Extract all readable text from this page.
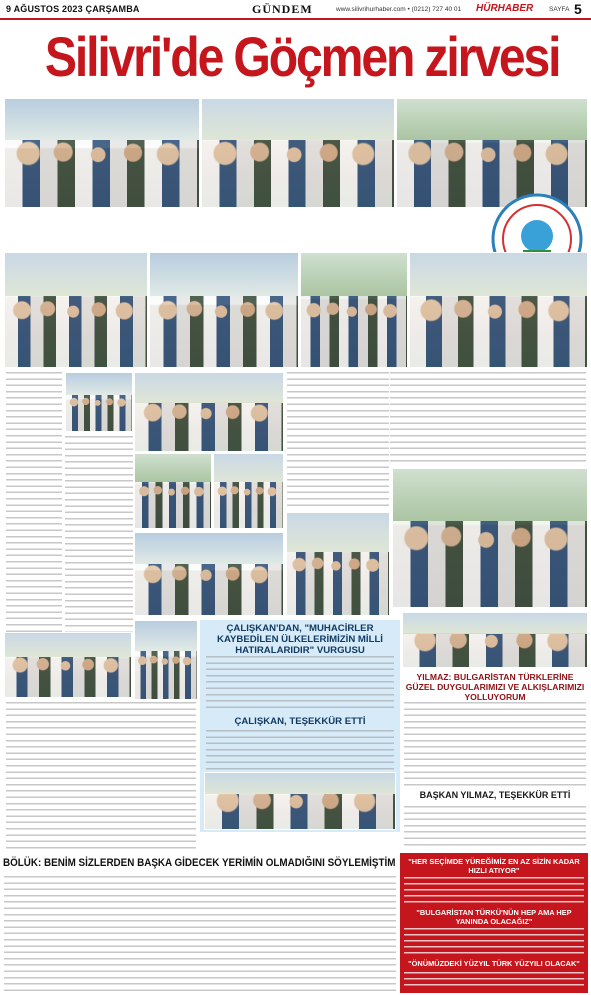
9 AĞUSTOS 2023 ÇARŞAMBA	GÜNDEM	www.silivrihurhaber.com • (0212) 727 40 01 HÜRHABER SAYFA 5
Silivri'de Göçmen zirvesi
ÇALIŞKAN'DAN, "MUHACİRLER KAYBEDİLEN ÜLKELERİMİZİN MİLLİ HATIRALARIDIR" VURGUSU
ÇALIŞKAN, TEŞEKKÜR ETTİ
YILMAZ: BULGARİSTAN TÜRKLERİNE GÜZEL DUYGULARIMIZI VE ALKIŞLARIMIZI YOLLUYORUM
BAŞKAN YILMAZ, TEŞEKKÜR ETTİ
BÖLÜK: BENİM SİZLERDEN BAŞKA GİDECEK YERİMİN OLMADIĞINI SÖYLEMİŞTİM	"HER SEÇİMDE YÜREĞİMİZ EN AZ SİZİN KADAR HIZLI ATIYOR"
"BULGARİSTAN TÜRKÜ'NÜN HEP AMA HEP YANINDA OLACAĞIZ"
"ÖNÜMÜZDEKİ YÜZYIL TÜRK YÜZYILI OLACAK"
